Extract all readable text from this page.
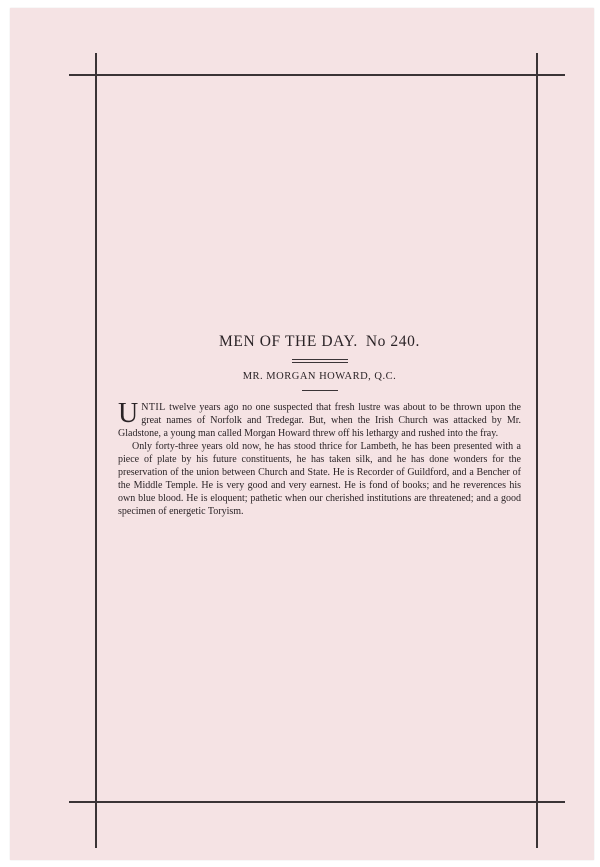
MEN OF THE DAY. No 240.
MR. MORGAN HOWARD, Q.C.

UNTIL twelve years ago no one suspected that fresh lustre was about to be thrown upon the great names of Norfolk and Tredegar. But, when the Irish Church was attacked by Mr. Gladstone, a young man called Morgan Howard threw off his lethargy and rushed into the fray.

Only forty-three years old now, he has stood thrice for Lambeth, he has been presented with a piece of plate by his future constituents, he has taken silk, and he has done wonders for the preservation of the union between Church and State. He is Recorder of Guildford, and a Bencher of the Middle Temple. He is very good and very earnest. He is fond of books; and he reverences his own blue blood. He is eloquent; pathetic when our cherished institutions are threatened; and a good specimen of energetic Toryism.
